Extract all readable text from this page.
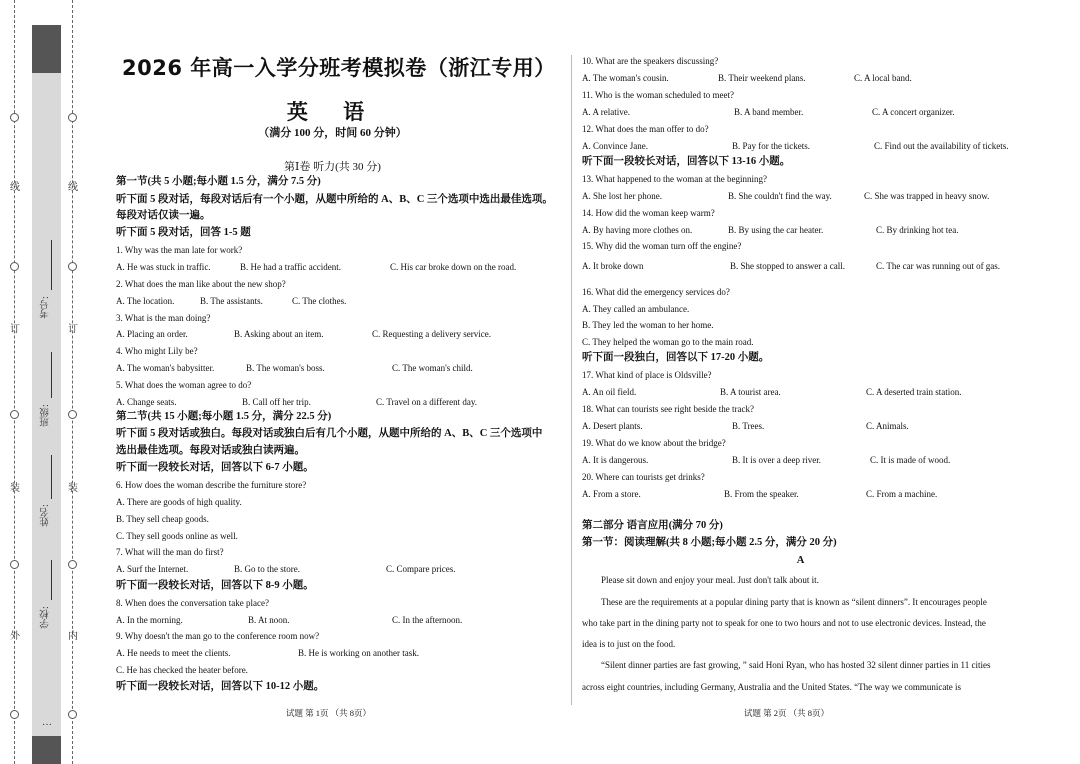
外
装
订
线
内
装
订
线
学校:
姓名:
班级:
考号:
…
2026 年高一入学分班考模拟卷（浙江专用）
英 语
（满分 100 分，时间 60 分钟）
第Ⅰ卷 听力(共 30 分)
第一节(共 5 小题;每小题 1.5 分，满分 7.5 分)
听下面 5 段对话，每段对话后有一个小题，从题中所给的 A、B、C 三个选项中选出最佳选项。
每段对话仅读一遍。
听下面 5 段对话，回答 1-5 题
1. Why was the man late for work?
A. He was stuck in traffic.	B. He had a traffic accident.	C. His car broke down on the road.
2. What does the man like about the new shop?
A. The location.	B. The assistants.	C. The clothes.
3. What is the man doing?
A. Placing an order.	B. Asking about an item.	C. Requesting a delivery service.
4. Who might Lily be?
A. The woman's babysitter.	B. The woman's boss.	C. The woman's child.
5. What does the woman agree to do?
A. Change seats.	B. Call off her trip.	C. Travel on a different day.
第二节(共 15 小题;每小题 1.5 分，满分 22.5 分)
听下面 5 段对话或独白。每段对话或独白后有几个小题，从题中所给的 A、B、C 三个选项中
选出最佳选项。每段对话或独白读两遍。
听下面一段较长对话，回答以下 6-7 小题。
6. How does the woman describe the furniture store?
A. There are goods of high quality.
B. They sell cheap goods.
C. They sell goods online as well.
7. What will the man do first?
A. Surf the Internet.	B. Go to the store.	C. Compare prices.
听下面一段较长对话，回答以下 8-9 小题。
8. When does the conversation take place?
A. In the morning.	B. At noon.	C. In the afternoon.
9. Why doesn't the man go to the conference room now?
A. He needs to meet the clients.	B. He is working on another task.
C. He has checked the heater before.
听下面一段较长对话，回答以下 10-12 小题。
试题 第 1页 （共 8页）
10. What are the speakers discussing?
A. The woman's cousin.	B. Their weekend plans.	C. A local band.
11. Who is the woman scheduled to meet?
A. A relative.	B. A band member.	C. A concert organizer.
12. What does the man offer to do?
A. Convince Jane.	B. Pay for the tickets.	C. Find out the availability of tickets.
听下面一段较长对话，回答以下 13-16 小题。
13. What happened to the woman at the beginning?
A. She lost her phone.	B. She couldn't find the way.	C. She was trapped in heavy snow.
14. How did the woman keep warm?
A. By having more clothes on.	B. By using the car heater.	C. By drinking hot tea.
15. Why did the woman turn off the engine?
A. It broke down	B. She stopped to answer a call.	C. The car was running out of gas.
16. What did the emergency services do?
A. They called an ambulance.
B. They led the woman to her home.
C. They helped the woman go to the main road.
听下面一段独白，回答以下 17-20 小题。
17. What kind of place is Oldsville?
A. An oil field.	B. A tourist area.	C. A deserted train station.
18. What can tourists see right beside the track?
A. Desert plants.	B. Trees.	C. Animals.
19. What do we know about the bridge?
A. It is dangerous.	B. It is over a deep river.	C. It is made of wood.
20. Where can tourists get drinks?
A. From a store.	B. From the speaker.	C. From a machine.
第二部分 语言应用(满分 70 分)
第一节：阅读理解(共 8 小题;每小题 2.5 分，满分 20 分)
A
Please sit down and enjoy your meal. Just don't talk about it.
These are the requirements at a popular dining party that is known as “silent dinners”. It encourages people
who take part in the dining party not to speak for one to two hours and not to use electronic devices. Instead, the
idea is to just on the food.
“Silent dinner parties are fast growing, ” said Honi Ryan, who has hosted 32 silent dinner parties in 11 cities
across eight countries, including Germany, Australia and the United States. “The way we communicate is
试题 第 2页 （共 8页）
